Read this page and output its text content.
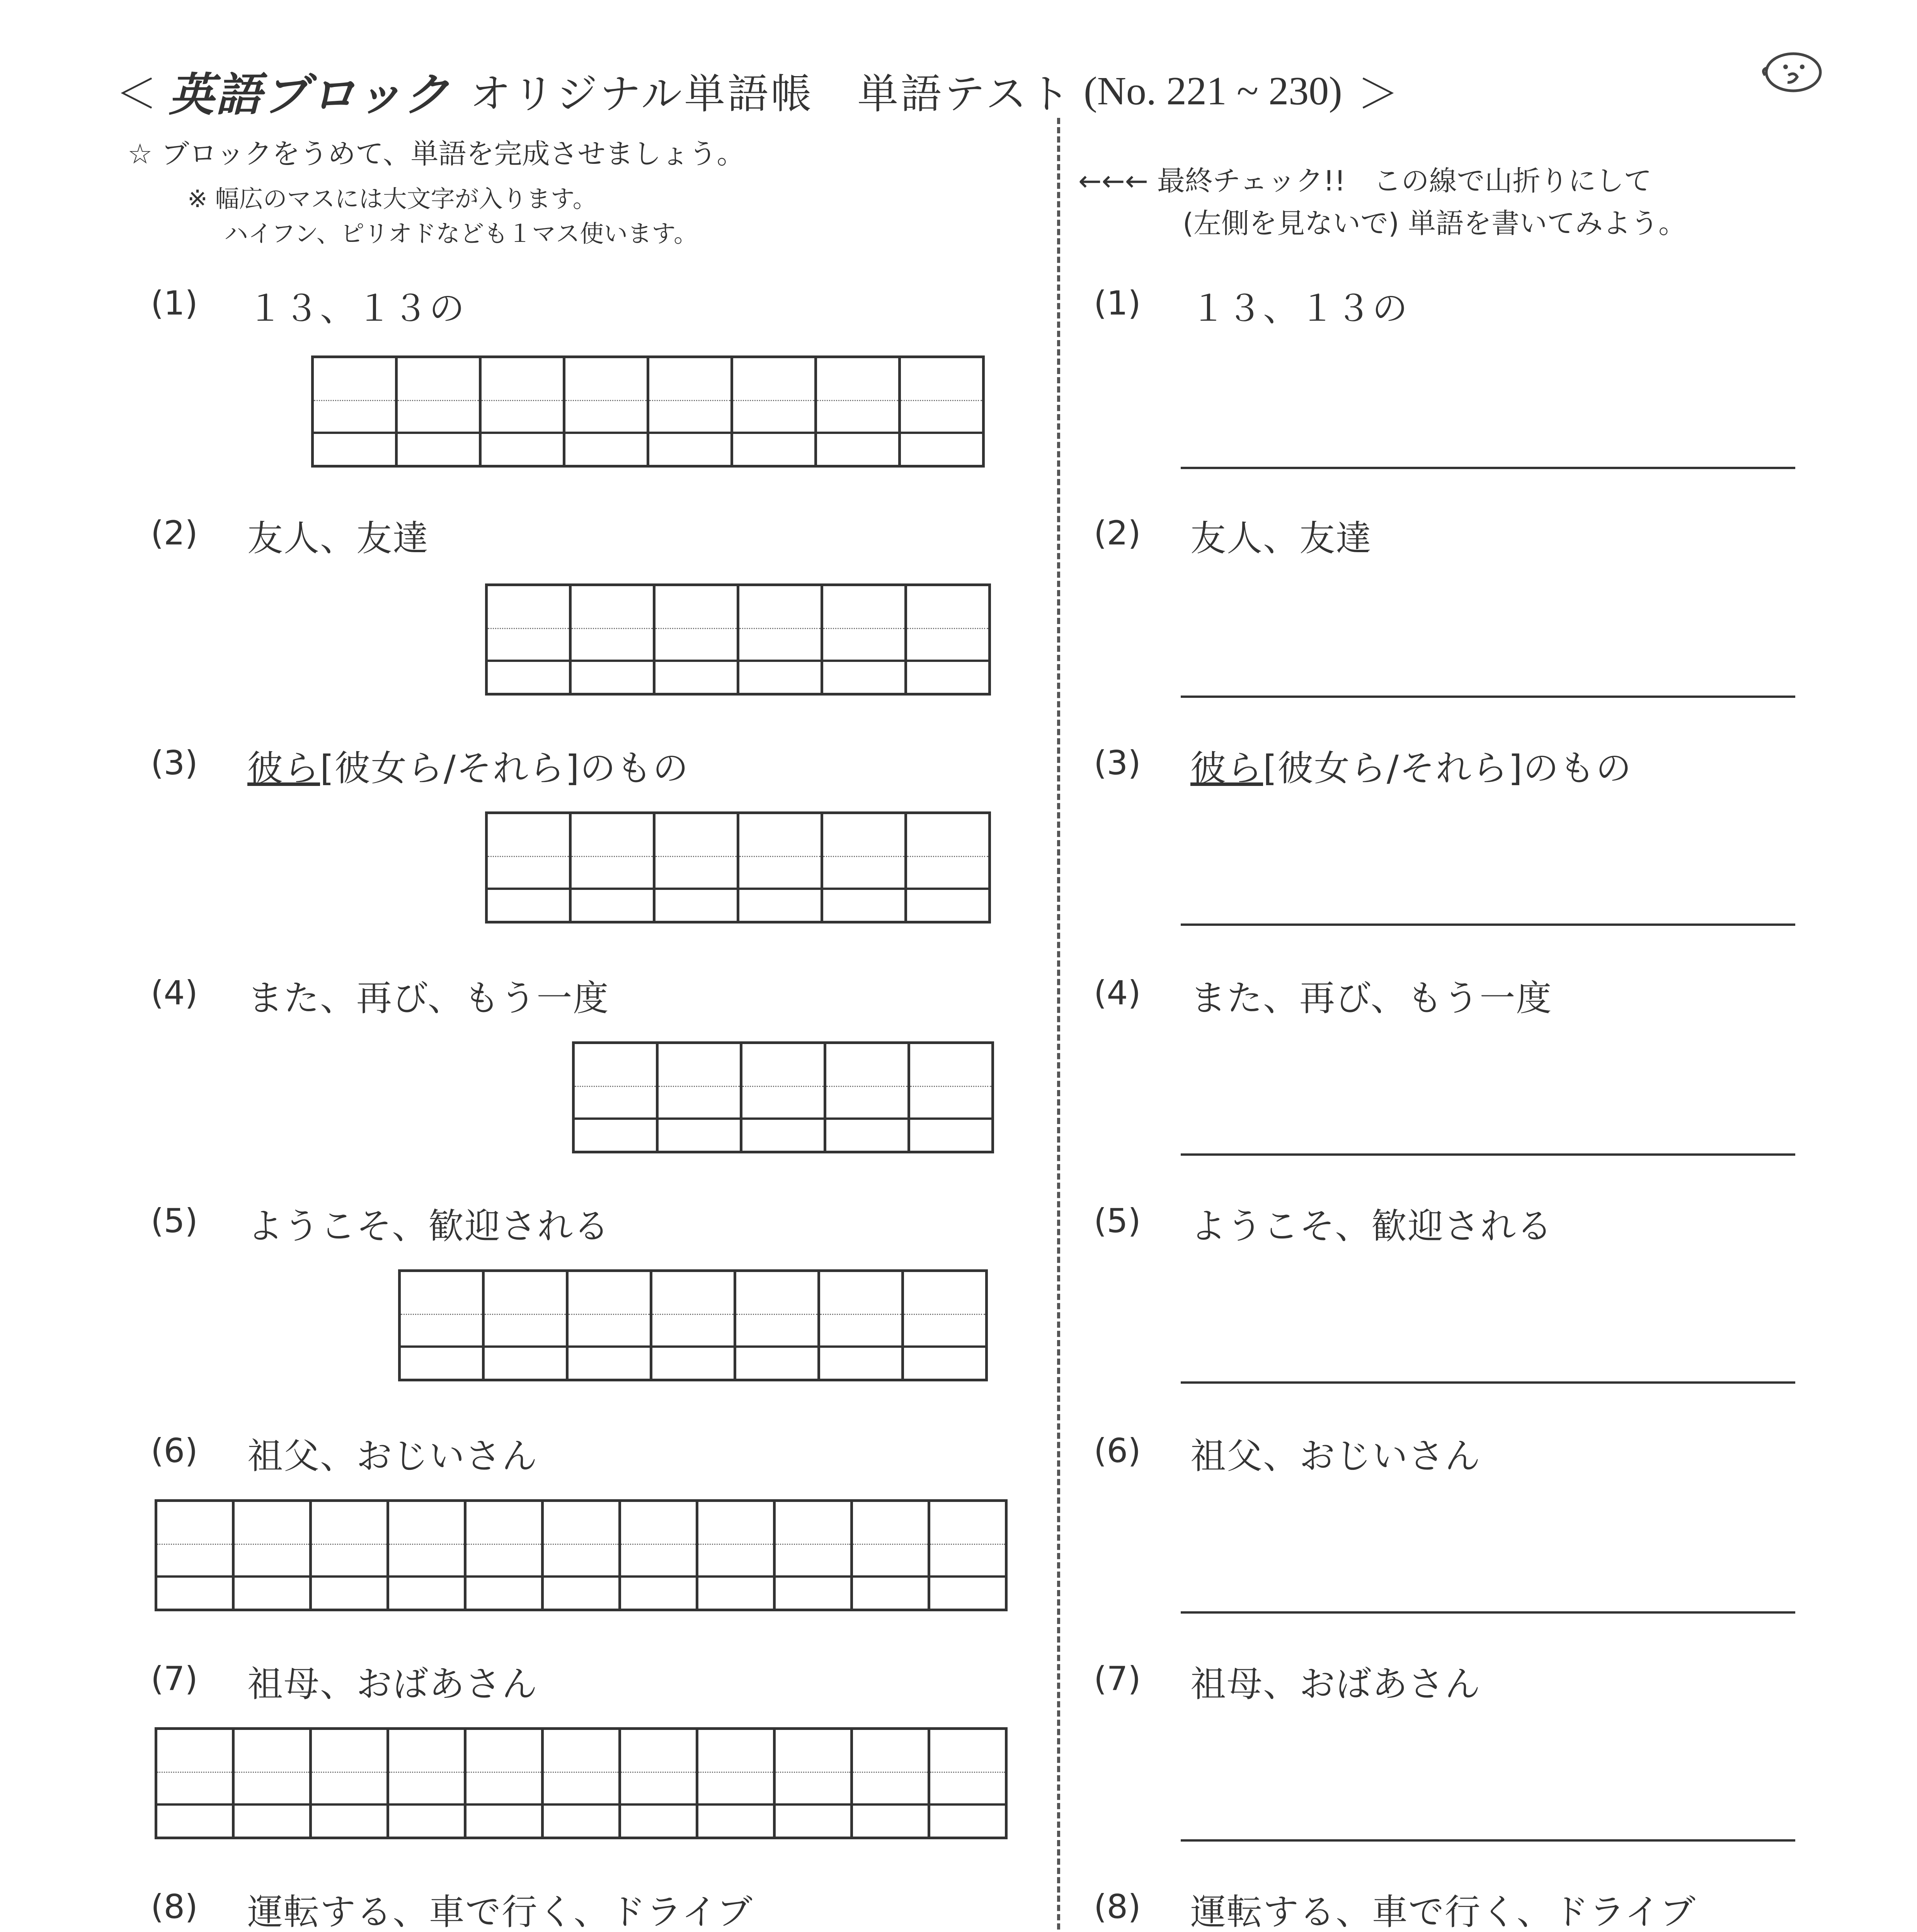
＜ 英語ブロック オリジナル単語帳　単語テスト (No. 221 ~ 230) ＞
☆ ブロックをうめて、単語を完成させましょう。
※ 幅広のマスには大文字が入ります。
ハイフン、ピリオドなども１マス使います。
←←← 最終チェック!!　この線で山折りにして
(左側を見ないで) 単語を書いてみよう。
(1) １３、１３の
(2) 友人、友達
(3) 彼ら[彼女ら/それら]のもの
(4) また、再び、もう一度
(5) ようこそ、歓迎される
(6) 祖父、おじいさん
(7) 祖母、おばあさん
(8) 運転する、車で行く、ドライブ
(1) １３、１３の
(2) 友人、友達
(3) 彼ら[彼女ら/それら]のもの
(4) また、再び、もう一度
(5) ようこそ、歓迎される
(6) 祖父、おじいさん
(7) 祖母、おばあさん
(8) 運転する、車で行く、ドライブ
